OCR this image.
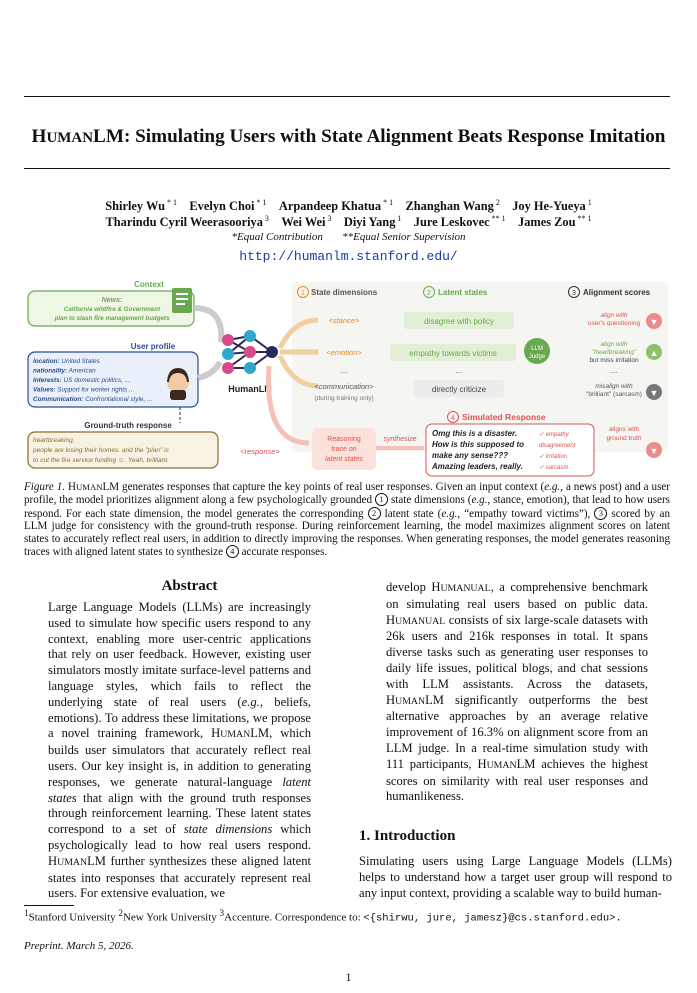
HUMANLM: Simulating Users with State Alignment Beats Response Imitation
Shirley Wu $^{* 1}$  Evelyn Choi $^{* 1}$  Arpandeep Khatua $^{* 1}$  Zhanghan Wang $^2$  Joy He-Yueya $^1$
Tharindu Cyril Weerasooriya $^3$  Wei Wei $^3$  Diyi Yang $^1$  Jure Leskovec $^{** 1}$  James Zou $^{** 1}$
*Equal Contribution **Equal Senior Supervision
http://humanlm.stanford.edu/
Context
News:
California wildfire & Government
plan to slash fire management budgets
User profile
location: United States
nationality: American
Interests: US domestic politics, ...
Values: Support for worker rights ...
Communication: Confrontational style, ...
Ground-truth response
heartbreaking,
people are losing their homes. and the "plan" is
to cut the fire service funding ☺. Yeah, brilliant.
HumanLM
1 State dimensions	2 Latent states	3 Alignment scores
<stance>
<emotion>
...
<communication>
(during training only)
<response>
disagree with policy
empathy towards victims
...
directly criticize
LLM
Judge
align with
user's questioning ▼
align with
"heartbreaking"
but miss irritation
▲
...
misalign with
"brilliant" (sarcasm) ▼
Reasoning
trace on
latent states
synthesize
4 Simulated Response
Omg this is a disaster.
How is this supposed to
make any sense???
Amazing leaders, really.
✓ empathy
disagreement
✓ irritation
✓ sarcasm
aligns with
ground truth
▼
Figure 1. HUMANLM generates responses that capture the key points of real user responses. Given an input context (e.g., a news post) and a user profile, the model prioritizes alignment along a few psychologically grounded 1 state dimensions (e.g., stance, emotion), that lead to how users respond. For each state dimension, the model generates the corresponding 2 latent state (e.g., “empathy toward victims”), 3 scored by an LLM judge for consistency with the ground-truth response. During reinforcement learning, the model maximizes alignment scores on latent states to accurately reflect real users, in addition to directly improving the responses. When generating responses, the model generates reasoning traces with aligned latent states to synthesize 4 accurate responses.
Abstract

Large Language Models (LLMs) are increasingly used to simulate how specific users respond to any context, enabling more user-centric applications that rely on user feedback. However, existing user simulators mostly imitate surface-level patterns and language styles, which fails to reflect the underlying state of real users (e.g., beliefs, emotions). To address these limitations, we propose a novel training framework, HUMANLM, which builds user simulators that accurately reflect real users. Our key insight is, in addition to generating responses, we generate natural-language latent states that align with the ground truth responses through reinforcement learning. These latent states correspond to a set of state dimensions which psychologically lead to how real users respond. HUMANLM further synthesizes these aligned latent states into responses that accurately represent real users. For extensive evaluation, we

develop HUMANUAL, a comprehensive benchmark on simulating real users based on public data. HUMANUAL consists of six large-scale datasets with 26k users and 216k responses in total. It spans diverse tasks such as generating user responses to daily life issues, political blogs, and chat sessions with LLM assistants. Across the datasets, HUMANLM significantly outperforms the best alternative approaches by an average relative improvement of 16.3% on alignment score from an LLM judge. In a real-time simulation study with 111 participants, HUMANLM achieves the highest scores on similarity with real user responses and humanlikeness.

1. Introduction

Simulating users using Large Language Models (LLMs) helps to understand how a target user group will respond to any input context, providing a scalable way to build human-

$^1$Stanford University $^2$New York University $^3$Accenture. Correspondence to: <{shirwu, jure, jamesz}@cs.stanford.edu>.
Preprint. March 5, 2026.
1
